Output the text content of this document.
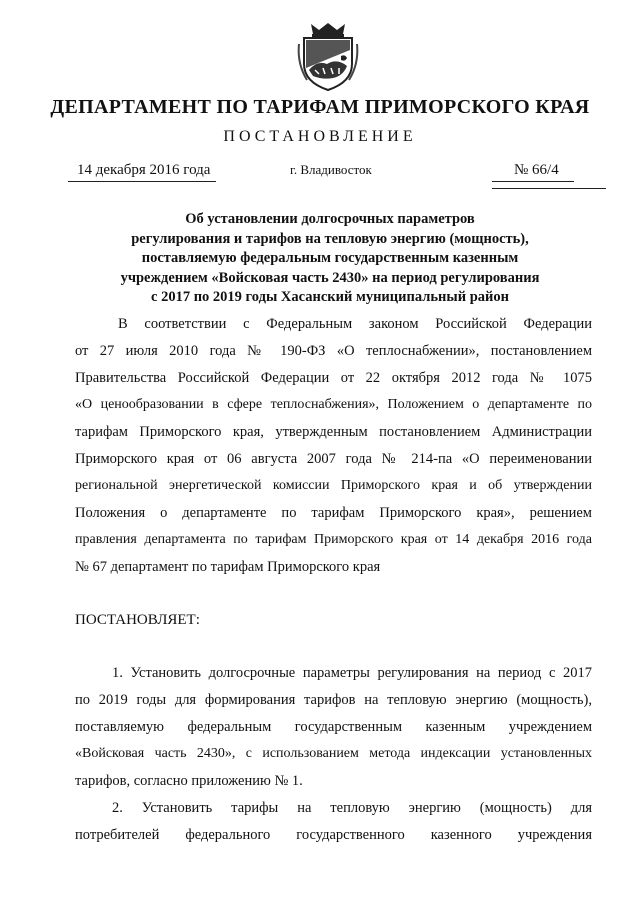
ДЕПАРТАМЕНТ ПО ТАРИФАМ ПРИМОРСКОГО КРАЯ
ПОСТАНОВЛЕНИЕ
14 декабря 2016 года	г. Владивосток	№ 66/4
Об установлении долгосрочных параметров
регулирования и тарифов на тепловую энергию (мощность),
поставляемую федеральным государственным казенным
учреждением «Войсковая часть 2430» на период регулирования
с 2017 по 2019 годы Хасанский муниципальный район
В соответствии с Федеральным законом Российской Федерации
от 27 июля 2010 года № 190-ФЗ «О теплоснабжении», постановлением
Правительства Российской Федерации от 22 октября 2012 года № 1075
«О ценообразовании в сфере теплоснабжения», Положением о департаменте по
тарифам Приморского края, утвержденным постановлением Администрации
Приморского края от 06 августа 2007 года № 214-па «О переименовании
региональной энергетической комиссии Приморского края и об утверждении
Положения о департаменте по тарифам Приморского края», решением
правления департамента по тарифам Приморского края от 14 декабря 2016 года
№ 67 департамент по тарифам Приморского края
ПОСТАНОВЛЯЕТ:
1. Установить долгосрочные параметры регулирования на период с 2017
по 2019 годы для формирования тарифов на тепловую энергию (мощность),
поставляемую федеральным государственным казенным учреждением
«Войсковая часть 2430», с использованием метода индексации установленных
тарифов, согласно приложению № 1.
2. Установить тарифы на тепловую энергию (мощность) для
потребителей федерального государственного казенного учреждения
